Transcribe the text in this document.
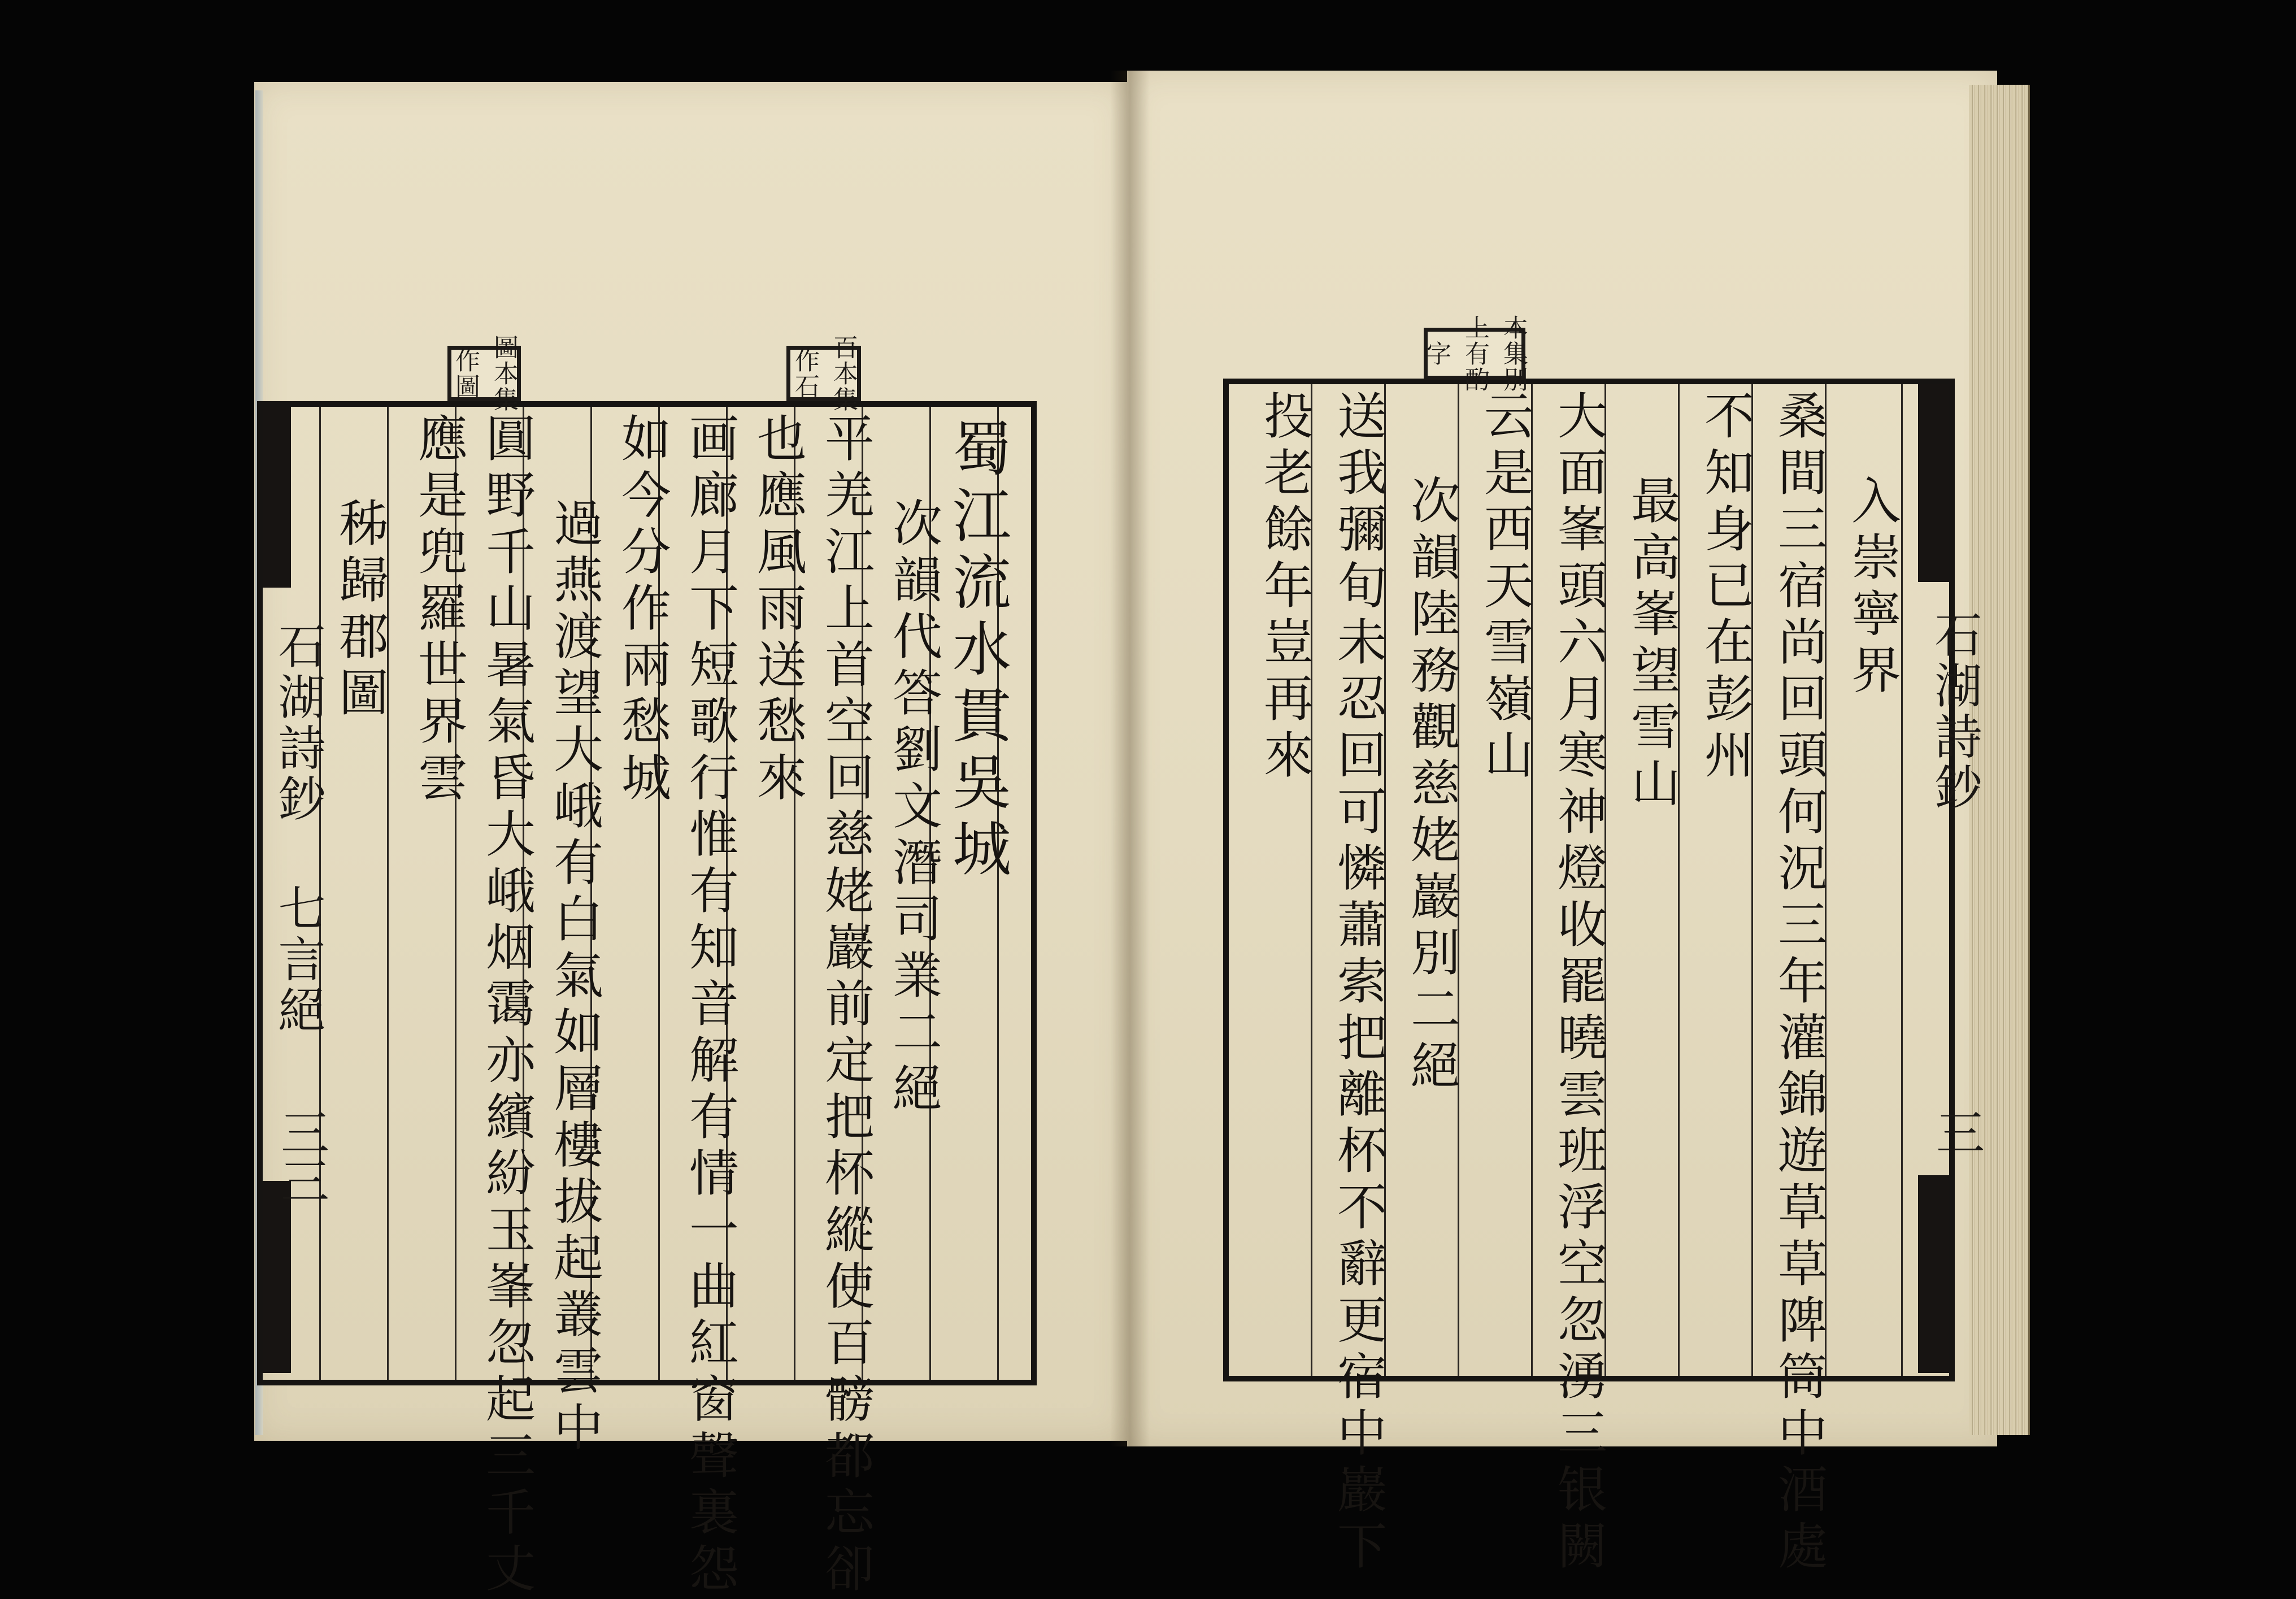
蜀江流水貫吳城
次韻代答劉文潛司業二絕
平羌江上首空回慈姥巖前定把杯縱使百髈都忘卻
也應風雨送愁來
画廊月下短歌行惟有知音解有情一曲紅窗聲裏怨
如今分作兩愁城
過燕渡望大峨有白氣如層樓拔起叢雲中
圓野千山暑氣昏大峨烟霭亦繽紛玉峯忽起三千丈
應是兜羅世界雲
秭歸郡圖
圖本集
作圖	百本集
作石
石湖詩鈔 七言絕
三三
入崇寧界
桑間三宿尚回頭何況三年灌錦遊草草陴筒中酒處
不知身已在彭州
最高峯望雪山
大面峯頭六月寒神燈收罷曉雲班浮空忽湧三银闕
云是西天雪嶺山
次韻陸務觀慈姥巖別二絕
送我彌旬未忍回可憐蕭索把離杯不辭更宿中巖下
投老餘年豈再來
本集別
上有酌
字
石湖詩鈔
三
